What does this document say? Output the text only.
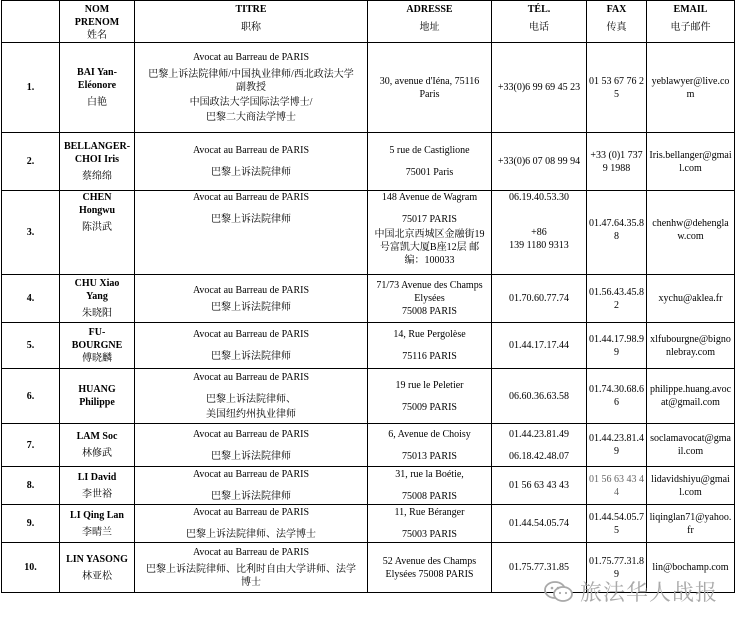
	NOM
PRENOM
姓名	TITRE
职称	ADRESSE
地址	TÉL.
电话	FAX
传真	EMAIL
电子邮件

1.	BAI Yan-
Eléonore
白艳	Avocat au Barreau de PARIS
巴黎上诉法院律师/中国执业律师/西北政法大学
副教授
中国政法大学国际法学博士/
巴黎二大商法学博士	30, avenue d'Iéna, 75116
Paris	+33(0)6 99 69 45 23	01 53 67 76 25	yeblawyer@live.com
2.	BELLANGER-
CHOI Iris
蔡绵绵	Avocat au Barreau de PARIS
巴黎上诉法院律师	5 rue de Castiglione
75001 Paris	+33(0)6 07 08 99 94	+33 (0)1 7379 1988	Iris.bellanger@gmail.com
3.	CHEN
Hongwu
陈洪武	Avocat au Barreau de PARIS
巴黎上诉法院律师	148 Avenue de Wagram
75017 PARIS
中国北京西城区金融街19
号富凯大厦B座12层 邮
编：100033	06.19.40.53.30
+86
139 1180 9313	01.47.64.35.88	chenhw@dehenglaw.com

4.	CHU Xiao
Yang
朱晓阳	Avocat au Barreau de PARIS
巴黎上诉法院律师	71/73 Avenue des Champs
Elysées
75008 PARIS	01.70.60.77.74	01.56.43.45.82	xychu@aklea.fr
5.	FU-
BOURGNE
傅晓麟	Avocat au Barreau de PARIS
巴黎上诉法院律师	14, Rue Pergolèse
75116 PARIS	01.44.17.17.44	01.44.17.98.99	xlfubourgne@bignonlebray.com
6.	HUANG
Philippe	Avocat au Barreau de PARIS
巴黎上诉法院律师、
美国纽约州执业律师	19 rue le Peletier
75009 PARIS	06.60.36.63.58	01.74.30.68.66	philippe.huang.avocat@gmail.com
7.	LAM Soc
林修武	Avocat au Barreau de PARIS
巴黎上诉法院律师	6, Avenue de Choisy
75013 PARIS	01.44.23.81.49
06.18.42.48.07	01.44.23.81.49	soclamavocat@gmail.com
8.	LI David
李世裕	Avocat au Barreau de PARIS
巴黎上诉法院律师	31, rue la Boétie,
75008 PARIS	01 56 63 43 43	01 56 63 43 44	lidavidshiyu@gmail.com
9.	LI Qing Lan
李晴兰	Avocat au Barreau de PARIS
巴黎上诉法院律师、法学博士	11, Rue Béranger
75003 PARIS	01.44.54.05.74	01.44.54.05.75	liqinglan71@yahoo.fr
10.	LIN YASONG
林亚松	Avocat au Barreau de PARIS
巴黎上诉法院律师、比利时自由大学讲师、法学
博士	52 Avenue des Champs
Elysées 75008 PARIS	01.75.77.31.85	01.75.77.31.89	lin@bochamp.com
旅法华人战报
